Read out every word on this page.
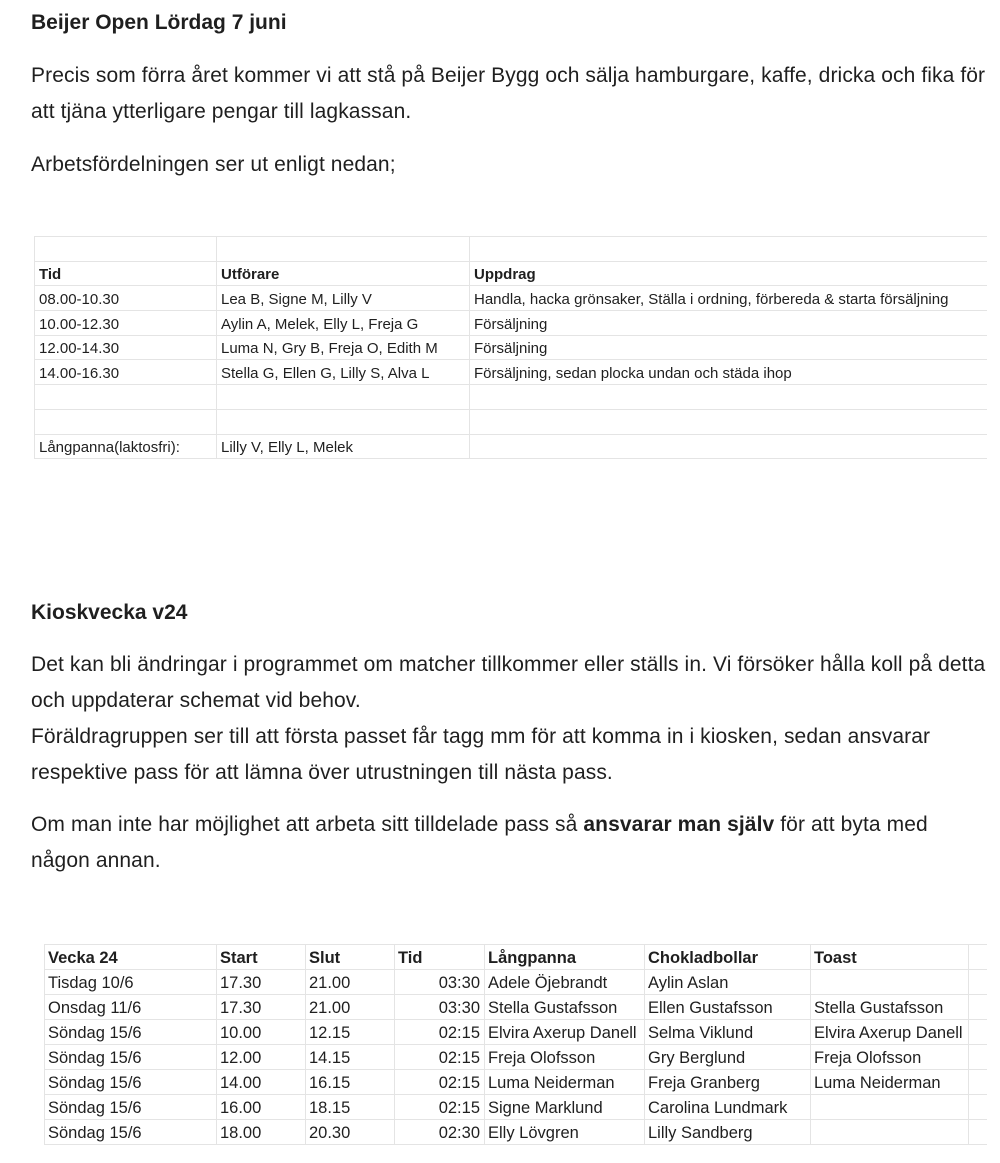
Beijer Open Lördag 7 juni

Precis som förra året kommer vi att stå på Beijer Bygg och sälja hamburgare, kaffe, dricka och fika för att tjäna ytterligare pengar till lagkassan.

Arbetsfördelningen ser ut enligt nedan;

Tid	Utförare	Uppdrag
08.00-10.30	Lea B, Signe M, Lilly V	Handla, hacka grönsaker, Ställa i ordning, förbereda & starta försäljning
10.00-12.30	Aylin A, Melek, Elly L, Freja G	Försäljning
12.00-14.30	Luma N, Gry B, Freja O, Edith M	Försäljning
14.00-16.30	Stella G, Ellen G, Lilly S, Alva L	Försäljning, sedan plocka undan och städa ihop

Långpanna(laktosfri):	Lilly V, Elly L, Melek	
Kioskvecka v24

Det kan bli ändringar i programmet om matcher tillkommer eller ställs in. Vi försöker hålla koll på detta och uppdaterar schemat vid behov.
Föräldragruppen ser till att första passet får tagg mm för att komma in i kiosken, sedan ansvarar respektive pass för att lämna över utrustningen till nästa pass.

Om man inte har möjlighet att arbeta sitt tilldelade pass så ansvarar man själv för att byta med någon annan.

Vecka 24	Start	Slut	Tid	Långpanna	Chokladbollar	Toast	
Tisdag 10/6	17.30	21.00	03:30	Adele Öjebrandt	Aylin Aslan		
Onsdag 11/6	17.30	21.00	03:30	Stella Gustafsson	Ellen Gustafsson	Stella Gustafsson	
Söndag 15/6	10.00	12.15	02:15	Elvira Axerup Danell	Selma Viklund	Elvira Axerup Danell	
Söndag 15/6	12.00	14.15	02:15	Freja Olofsson	Gry Berglund	Freja Olofsson	
Söndag 15/6	14.00	16.15	02:15	Luma Neiderman	Freja Granberg	Luma Neiderman	
Söndag 15/6	16.00	18.15	02:15	Signe Marklund	Carolina Lundmark		
Söndag 15/6	18.00	20.30	02:30	Elly Lövgren	Lilly Sandberg		
